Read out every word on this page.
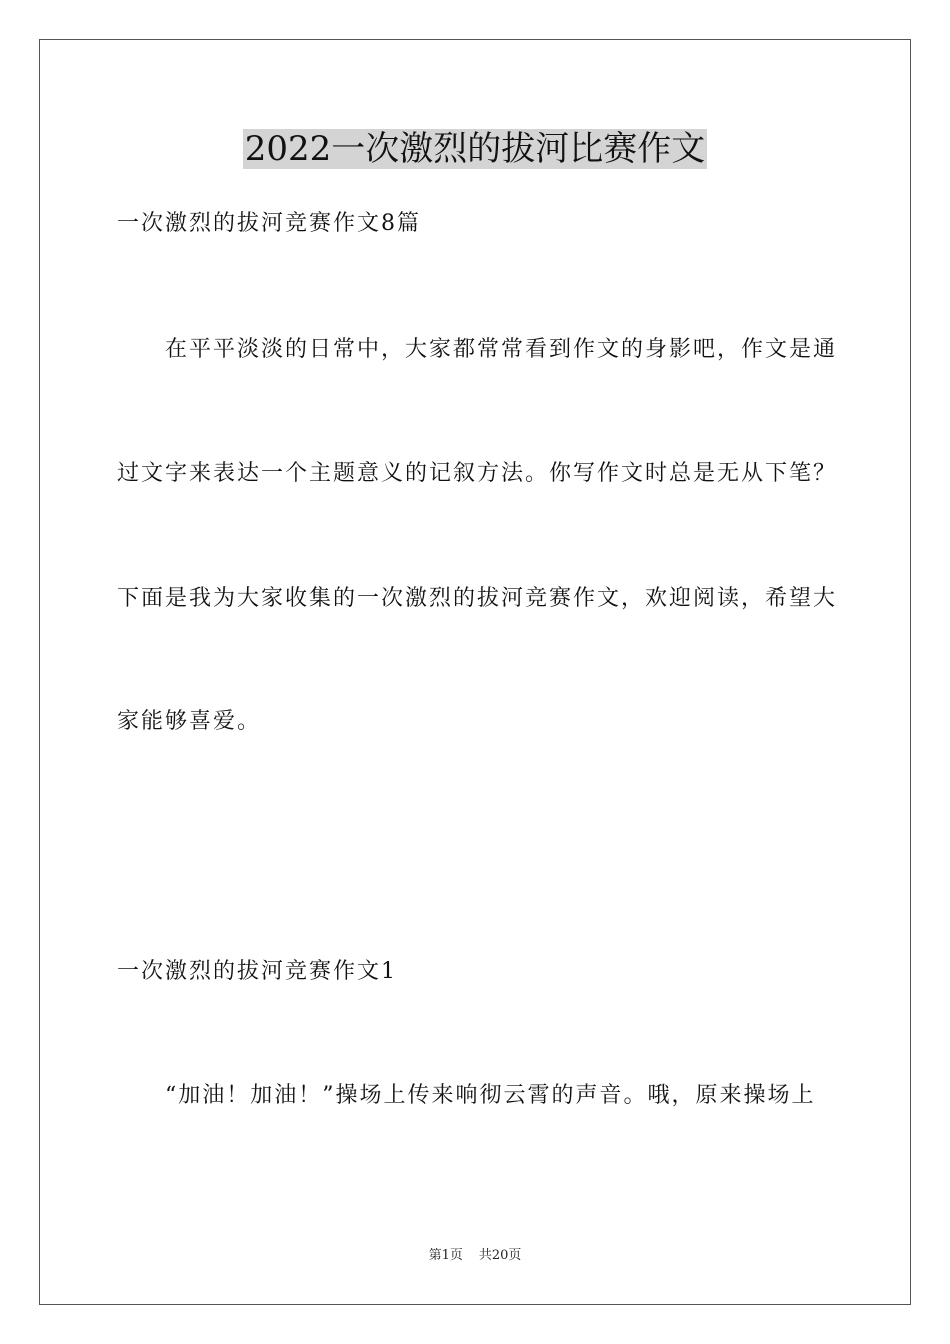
2022一次激烈的拔河比赛作文

一次激烈的拔河竞赛作文8篇

在平平淡淡的日常中，大家都常常看到作文的身影吧，作文是通

过文字来表达一个主题意义的记叙方法。你写作文时总是无从下笔？

下面是我为大家收集的一次激烈的拔河竞赛作文，欢迎阅读，希望大

家能够喜爱。

一次激烈的拔河竞赛作文1

“加油！加油！”操场上传来响彻云霄的声音。哦，原来操场上

第1页 共20页
